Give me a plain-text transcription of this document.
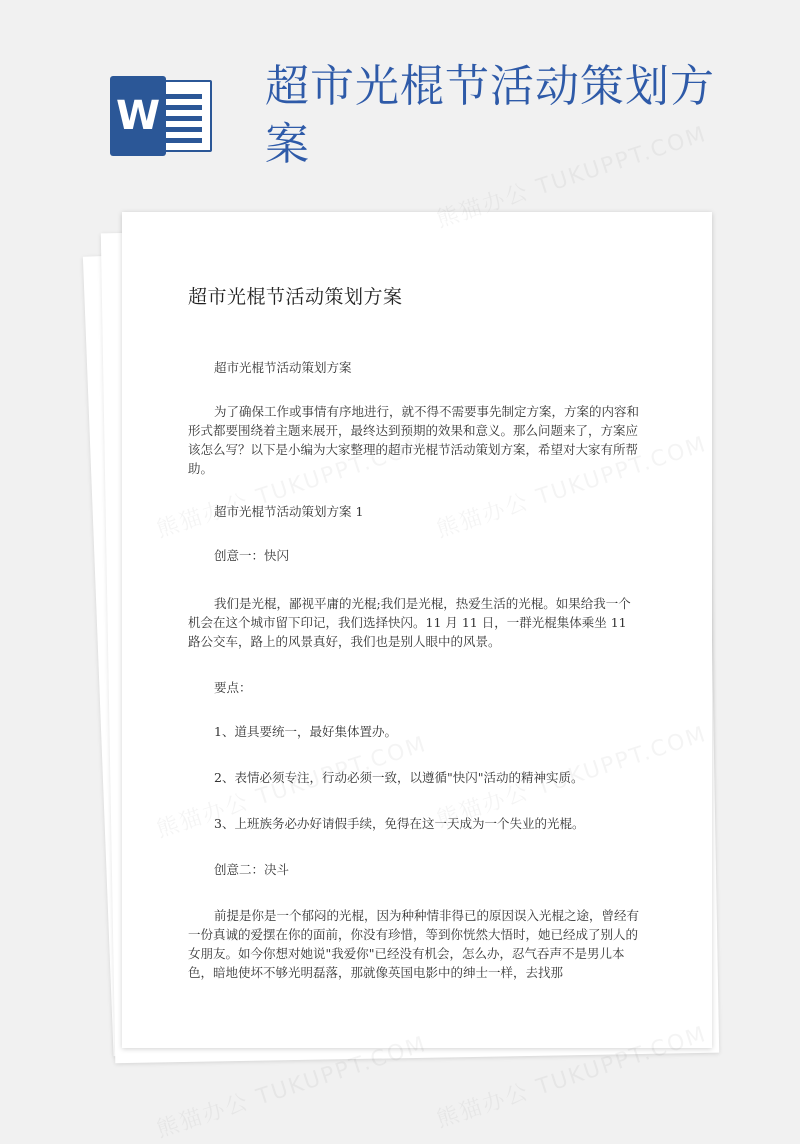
W
超市光棍节活动策划方案
超市光棍节活动策划方案
超市光棍节活动策划方案
为了确保工作或事情有序地进行，就不得不需要事先制定方案，方案的内容和形式都要围绕着主题来展开，最终达到预期的效果和意义。那么问题来了，方案应该怎么写？以下是小编为大家整理的超市光棍节活动策划方案，希望对大家有所帮助。
超市光棍节活动策划方案 1
创意一：快闪
我们是光棍，鄙视平庸的光棍;我们是光棍，热爱生活的光棍。如果给我一个机会在这个城市留下印记，我们选择快闪。11 月 11 日，一群光棍集体乘坐 11 路公交车，路上的风景真好，我们也是别人眼中的风景。
要点：
1、道具要统一，最好集体置办。
2、表情必须专注，行动必须一致，以遵循"快闪"活动的精神实质。
3、上班族务必办好请假手续，免得在这一天成为一个失业的光棍。
创意二：决斗
前提是你是一个郁闷的光棍，因为种种情非得已的原因误入光棍之途，曾经有一份真诚的爱摆在你的面前，你没有珍惜，等到你恍然大悟时，她已经成了别人的女朋友。如今你想对她说"我爱你"已经没有机会，怎么办，忍气吞声不是男儿本色，暗地使坏不够光明磊落，那就像英国电影中的绅士一样，去找那
